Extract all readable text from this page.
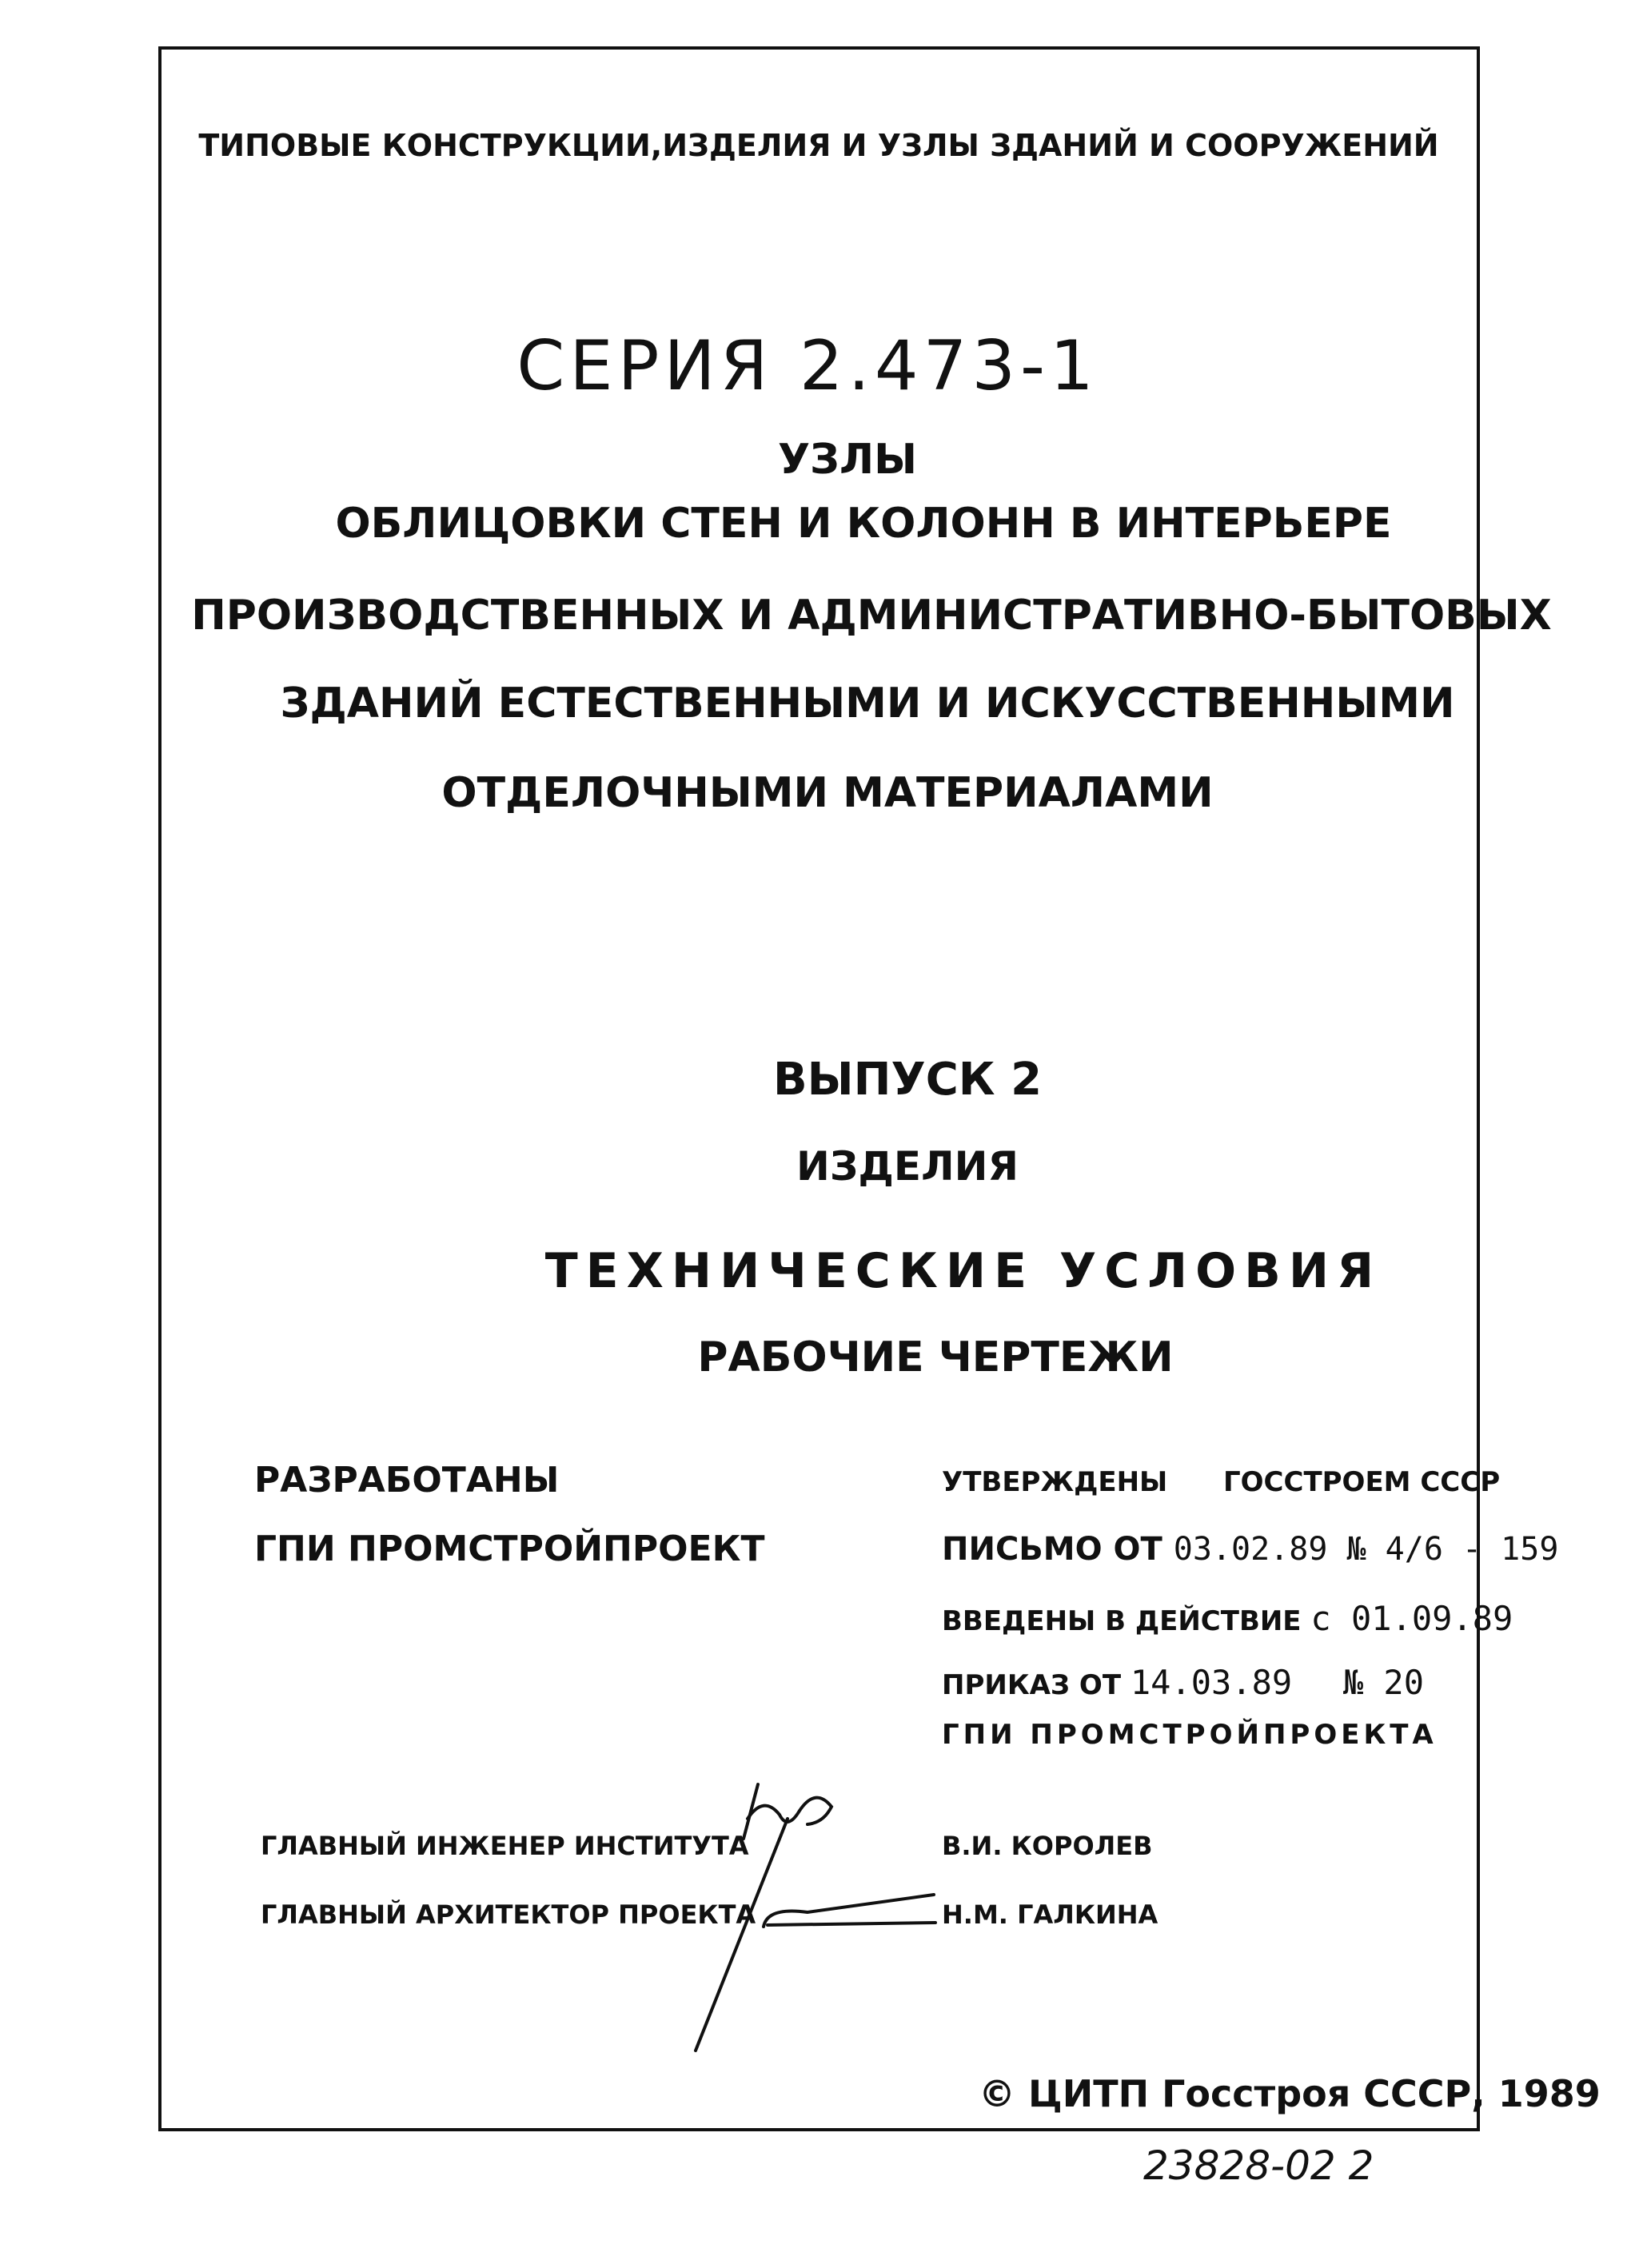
ТИПОВЫЕ КОНСТРУКЦИИ,ИЗДЕЛИЯ И УЗЛЫ ЗДАНИЙ И СООРУЖЕНИЙ
СЕРИЯ 2.473-1
УЗЛЫ
ОБЛИЦОВКИ СТЕН И КОЛОНН В ИНТЕРЬЕРЕ
ПРОИЗВОДСТВЕННЫХ И АДМИНИСТРАТИВНО-БЫТОВЫХ
ЗДАНИЙ ЕСТЕСТВЕННЫМИ И ИСКУССТВЕННЫМИ
ОТДЕЛОЧНЫМИ МАТЕРИАЛАМИ
ВЫПУСК 2
ИЗДЕЛИЯ
ТЕХНИЧЕСКИЕ УСЛОВИЯ
РАБОЧИЕ ЧЕРТЕЖИ
РАЗРАБОТАНЫ
ГПИ ПРОМСТРОЙПРОЕКТ
УТВЕРЖДЕНЫ ГОССТРОЕМ СССР
ПИСЬМО ОТ 03.02.89 № 4/6 - 159
ВВЕДЕНЫ В ДЕЙСТВИЕ с 01.09.89
ПРИКАЗ ОТ 14.03.89 № 20
ГПИ ПРОМСТРОЙПРОЕКТА
ГЛАВНЫЙ ИНЖЕНЕР ИНСТИТУТА	В.И. КОРОЛЕВ
ГЛАВНЫЙ АРХИТЕКТОР ПРОЕКТА	Н.М. ГАЛКИНА
© ЦИТП Госстроя СССР, 1989
23828-02 2
